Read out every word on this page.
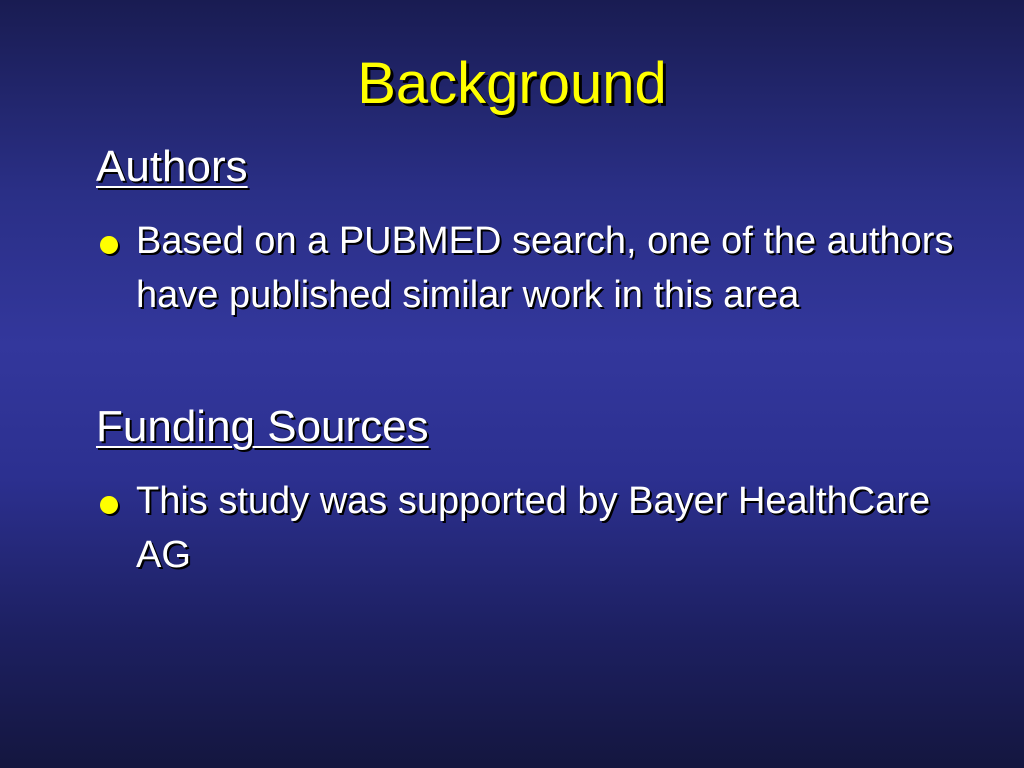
Background
Authors
Based on a PUBMED search, one of the authors have published similar work in this area
Funding Sources
This study was supported by Bayer HealthCare AG
